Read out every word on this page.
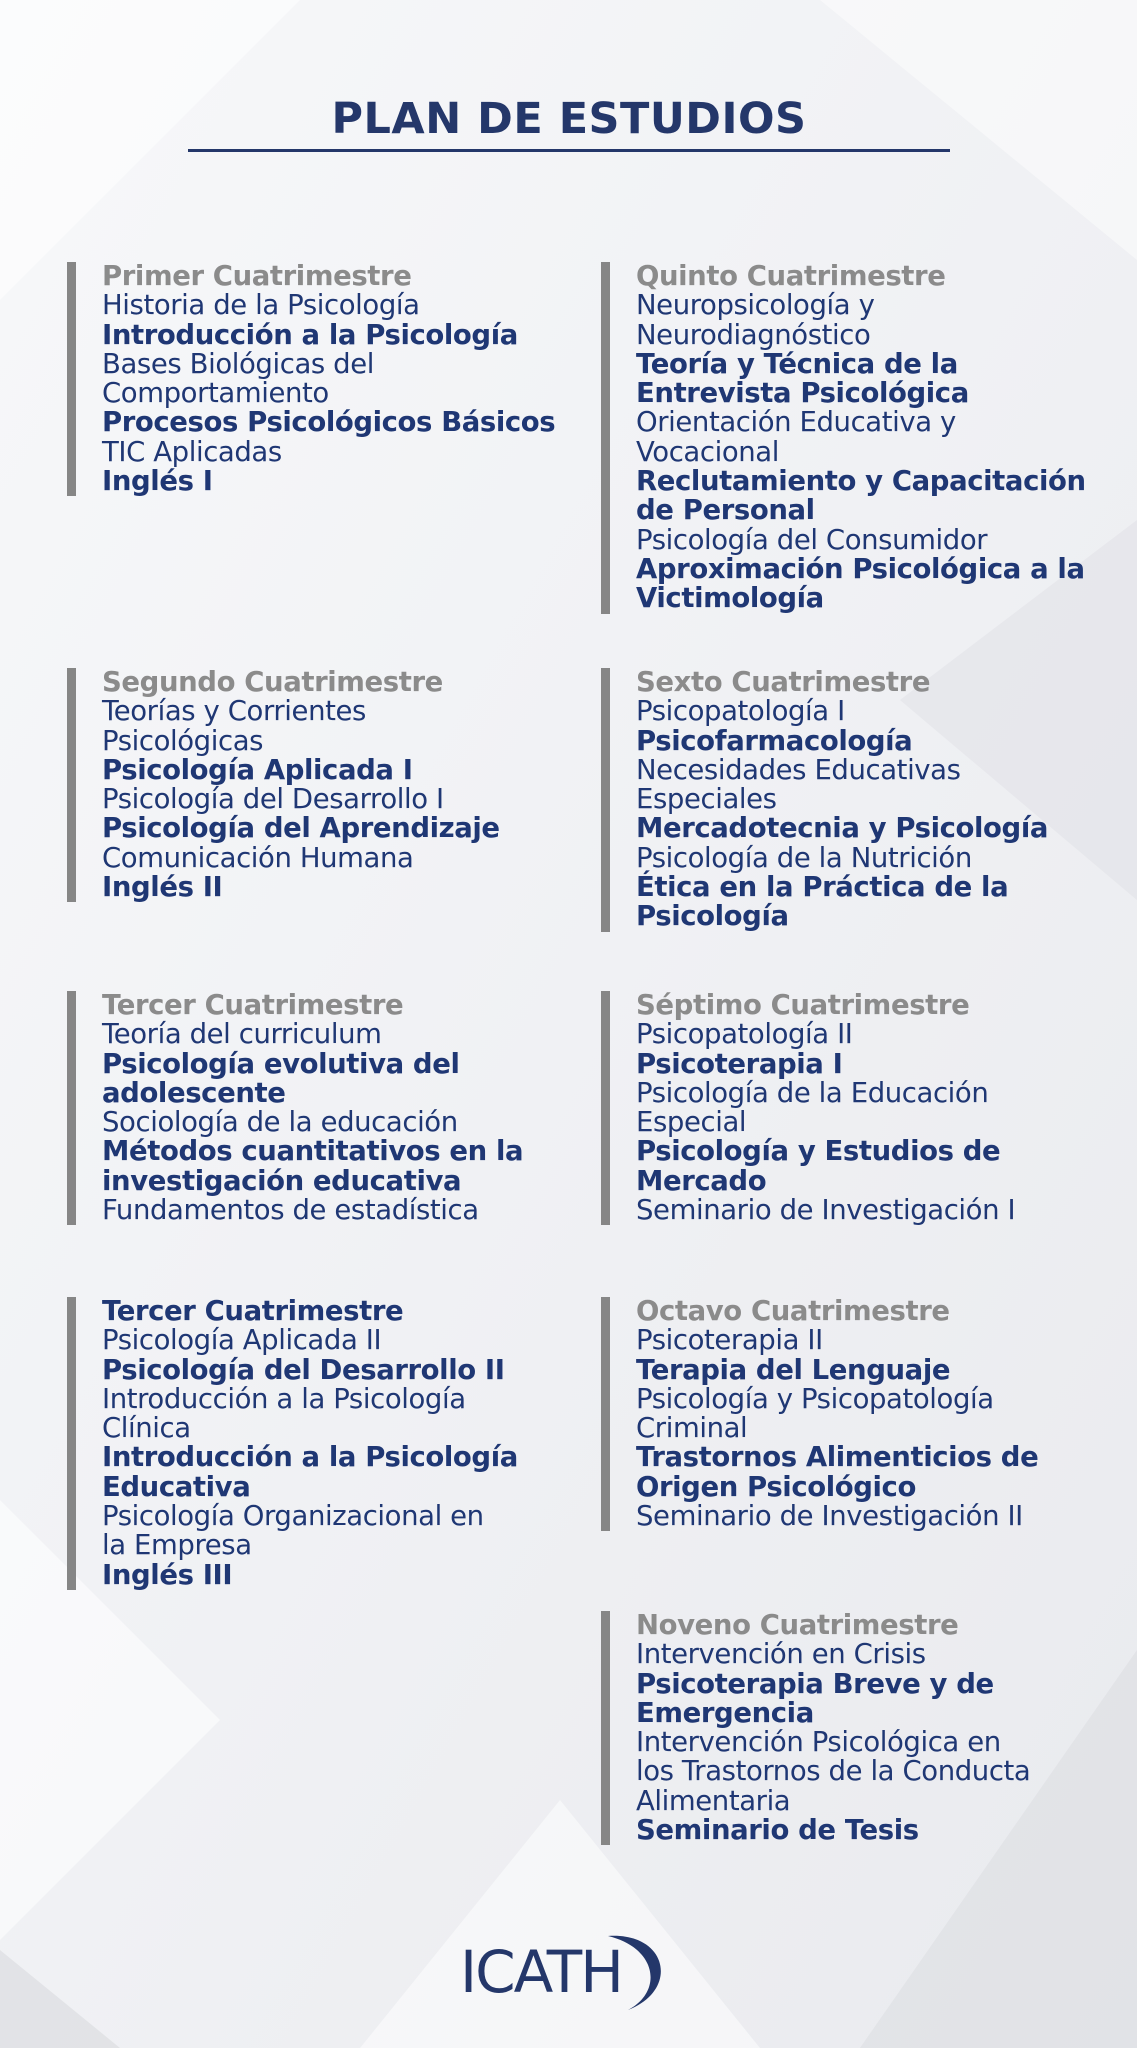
PLAN DE ESTUDIOS
Primer Cuatrimestre
Historia de la Psicología
Introducción a la Psicología
Bases Biológicas del
Comportamiento
Procesos Psicológicos Básicos
TIC Aplicadas
Inglés I
Segundo Cuatrimestre
Teorías y Corrientes
Psicológicas
Psicología Aplicada I
Psicología del Desarrollo I
Psicología del Aprendizaje
Comunicación Humana
Inglés II
Tercer Cuatrimestre
Teoría del curriculum
Psicología evolutiva del
adolescente
Sociología de la educación
Métodos cuantitativos en la
investigación educativa
Fundamentos de estadística
Tercer Cuatrimestre
Psicología Aplicada II
Psicología del Desarrollo II
Introducción a la Psicología
Clínica
Introducción a la Psicología
Educativa
Psicología Organizacional en
la Empresa
Inglés III
Quinto Cuatrimestre
Neuropsicología y
Neurodiagnóstico
Teoría y Técnica de la
Entrevista Psicológica
Orientación Educativa y
Vocacional
Reclutamiento y Capacitación
de Personal
Psicología del Consumidor
Aproximación Psicológica a la
Victimología
Sexto Cuatrimestre
Psicopatología I
Psicofarmacología
Necesidades Educativas
Especiales
Mercadotecnia y Psicología
Psicología de la Nutrición
Ética en la Práctica de la
Psicología
Séptimo Cuatrimestre
Psicopatología II
Psicoterapia I
Psicología de la Educación
Especial
Psicología y Estudios de
Mercado
Seminario de Investigación I
Octavo Cuatrimestre
Psicoterapia II
Terapia del Lenguaje
Psicología y Psicopatología
Criminal
Trastornos Alimenticios de
Origen Psicológico
Seminario de Investigación II
Noveno Cuatrimestre
Intervención en Crisis
Psicoterapia Breve y de
Emergencia
Intervención Psicológica en
los Trastornos de la Conducta
Alimentaria
Seminario de Tesis
ICATH
